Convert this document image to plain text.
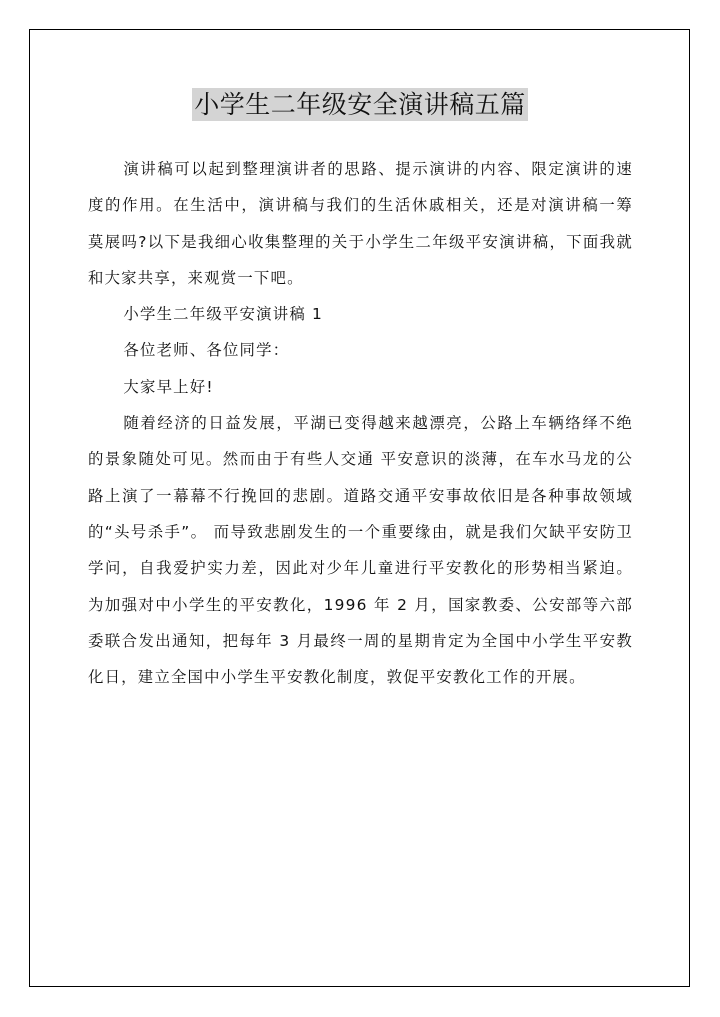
小学生二年级安全演讲稿五篇

演讲稿可以起到整理演讲者的思路、提示演讲的内容、限定演讲的速度的作用。在生活中，演讲稿与我们的生活休戚相关，还是对演讲稿一筹莫展吗?以下是我细心收集整理的关于小学生二年级平安演讲稿，下面我就和大家共享，来观赏一下吧。

小学生二年级平安演讲稿 1

各位老师、各位同学：

大家早上好!

随着经济的日益发展，平湖已变得越来越漂亮，公路上车辆络绎不绝的景象随处可见。然而由于有些人交通 平安意识的淡薄，在车水马龙的公路上演了一幕幕不行挽回的悲剧。道路交通平安事故依旧是各种事故领域的“头号杀手”。 而导致悲剧发生的一个重要缘由，就是我们欠缺平安防卫学问，自我爱护实力差，因此对少年儿童进行平安教化的形势相当紧迫。为加强对中小学生的平安教化，1996 年 2 月，国家教委、公安部等六部委联合发出通知，把每年 3 月最终一周的星期肯定为全国中小学生平安教化日，建立全国中小学生平安教化制度，敦促平安教化工作的开展。
